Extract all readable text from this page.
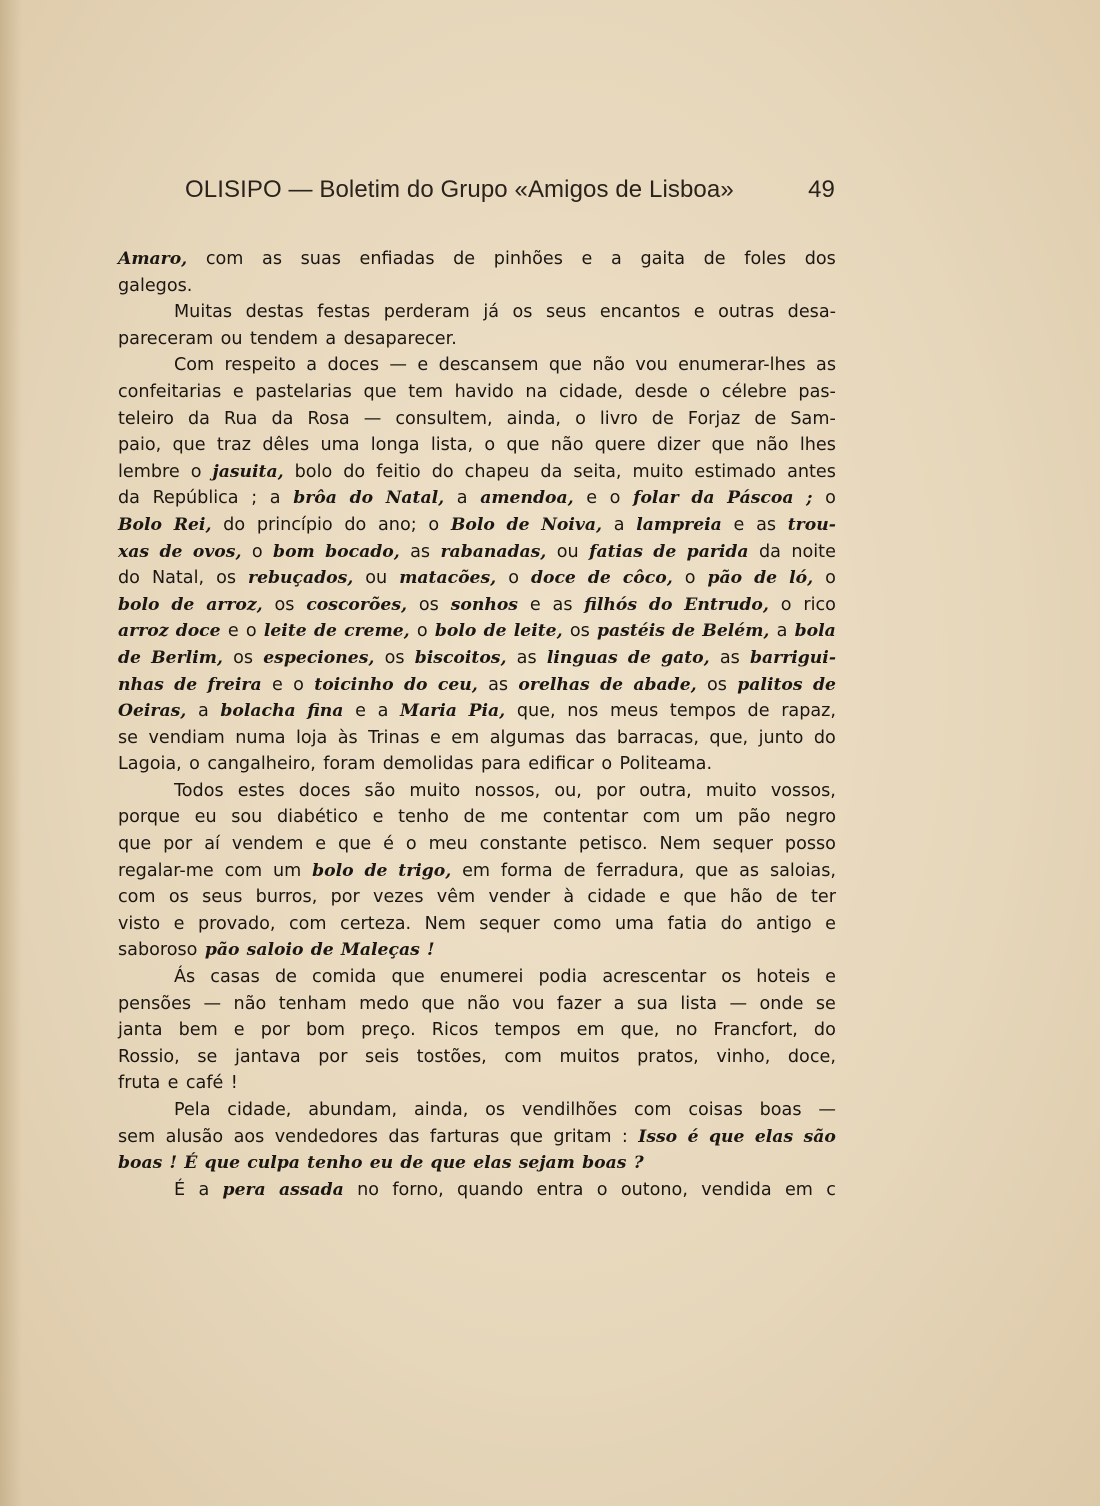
OLISIPO — Boletim do Grupo «Amigos de Lisboa»	49
Amaro, com as suas enfiadas de pinhões e a gaita de foles dos
galegos.
Muitas destas festas perderam já os seus encantos e outras desa-
pareceram ou tendem a desaparecer.
Com respeito a doces — e descansem que não vou enumerar-lhes as
confeitarias e pastelarias que tem havido na cidade, desde o célebre pas-
teleiro da Rua da Rosa — consultem, ainda, o livro de Forjaz de Sam-
paio, que traz dêles uma longa lista, o que não quere dizer que não lhes
lembre o jasuita, bolo do feitio do chapeu da seita, muito estimado antes
da República ; a brôa do Natal, a amendoa, e o folar da Páscoa ; o
Bolo Rei, do princípio do ano; o Bolo de Noiva, a lampreia e as trou-
xas de ovos, o bom bocado, as rabanadas, ou fatias de parida da noite
do Natal, os rebuçados, ou matacões, o doce de côco, o pão de ló, o
bolo de arroz, os coscorões, os sonhos e as filhós do Entrudo, o rico
arroz doce e o leite de creme, o bolo de leite, os pastéis de Belém, a bola
de Berlim, os especiones, os biscoitos, as linguas de gato, as barrigui-
nhas de freira e o toicinho do ceu, as orelhas de abade, os palitos de
Oeiras, a bolacha fina e a Maria Pia, que, nos meus tempos de rapaz,
se vendiam numa loja às Trinas e em algumas das barracas, que, junto do
Lagoia, o cangalheiro, foram demolidas para edificar o Politeama.
Todos estes doces são muito nossos, ou, por outra, muito vossos,
porque eu sou diabético e tenho de me contentar com um pão negro
que por aí vendem e que é o meu constante petisco. Nem sequer posso
regalar-me com um bolo de trigo, em forma de ferradura, que as saloias,
com os seus burros, por vezes vêm vender à cidade e que hão de ter
visto e provado, com certeza. Nem sequer como uma fatia do antigo e
saboroso pão saloio de Maleças !
Ás casas de comida que enumerei podia acrescentar os hoteis e
pensões — não tenham medo que não vou fazer a sua lista — onde se
janta bem e por bom preço. Ricos tempos em que, no Francfort, do
Rossio, se jantava por seis tostões, com muitos pratos, vinho, doce,
fruta e café !
Pela cidade, abundam, ainda, os vendilhões com coisas boas —
sem alusão aos vendedores das farturas que gritam : Isso é que elas são
boas ! É que culpa tenho eu de que elas sejam boas ?
É a pera assada no forno, quando entra o outono, vendida em c
